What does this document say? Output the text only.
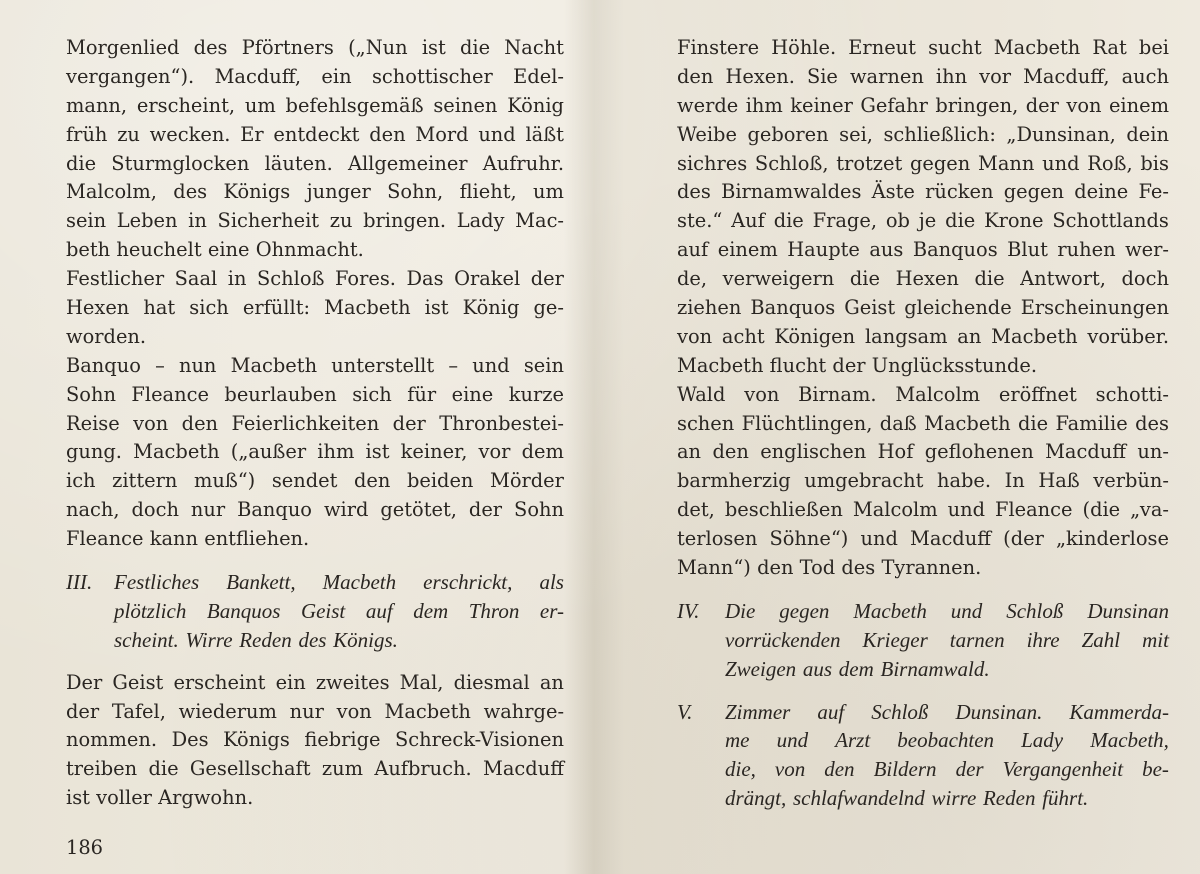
Morgenlied des Pförtners („Nun ist die Nacht
vergangen“). Macduff, ein schottischer Edel-
mann, erscheint, um befehlsgemäß seinen König
früh zu wecken. Er entdeckt den Mord und läßt
die Sturmglocken läuten. Allgemeiner Aufruhr.
Malcolm, des Königs junger Sohn, flieht, um
sein Leben in Sicherheit zu bringen. Lady Mac-
beth heuchelt eine Ohnmacht.
Festlicher Saal in Schloß Fores. Das Orakel der
Hexen hat sich erfüllt: Macbeth ist König ge-
worden.
Banquo – nun Macbeth unterstellt – und sein
Sohn Fleance beurlauben sich für eine kurze
Reise von den Feierlichkeiten der Thronbestei-
gung. Macbeth („außer ihm ist keiner, vor dem
ich zittern muß“) sendet den beiden Mörder
nach, doch nur Banquo wird getötet, der Sohn
Fleance kann entfliehen.
III. Festliches Bankett, Macbeth erschrickt, als
plötzlich Banquos Geist auf dem Thron er-
scheint. Wirre Reden des Königs.
Der Geist erscheint ein zweites Mal, diesmal an
der Tafel, wiederum nur von Macbeth wahrge-
nommen. Des Königs fiebrige Schreck-Visionen
treiben die Gesellschaft zum Aufbruch. Macduff
ist voller Argwohn.
186
Finstere Höhle. Erneut sucht Macbeth Rat bei
den Hexen. Sie warnen ihn vor Macduff, auch
werde ihm keiner Gefahr bringen, der von einem
Weibe geboren sei, schließlich: „Dunsinan, dein
sichres Schloß, trotzet gegen Mann und Roß, bis
des Birnamwaldes Äste rücken gegen deine Fe-
ste.“ Auf die Frage, ob je die Krone Schottlands
auf einem Haupte aus Banquos Blut ruhen wer-
de, verweigern die Hexen die Antwort, doch
ziehen Banquos Geist gleichende Erscheinungen
von acht Königen langsam an Macbeth vorüber.
Macbeth flucht der Unglücksstunde.
Wald von Birnam. Malcolm eröffnet schotti-
schen Flüchtlingen, daß Macbeth die Familie des
an den englischen Hof geflohenen Macduff un-
barmherzig umgebracht habe. In Haß verbün-
det, beschließen Malcolm und Fleance (die „va-
terlosen Söhne“) und Macduff (der „kinderlose
Mann“) den Tod des Tyrannen.
IV. Die gegen Macbeth und Schloß Dunsinan
vorrückenden Krieger tarnen ihre Zahl mit
Zweigen aus dem Birnamwald.
V. Zimmer auf Schloß Dunsinan. Kammerda-
me und Arzt beobachten Lady Macbeth,
die, von den Bildern der Vergangenheit be-
drängt, schlafwandelnd wirre Reden führt.
